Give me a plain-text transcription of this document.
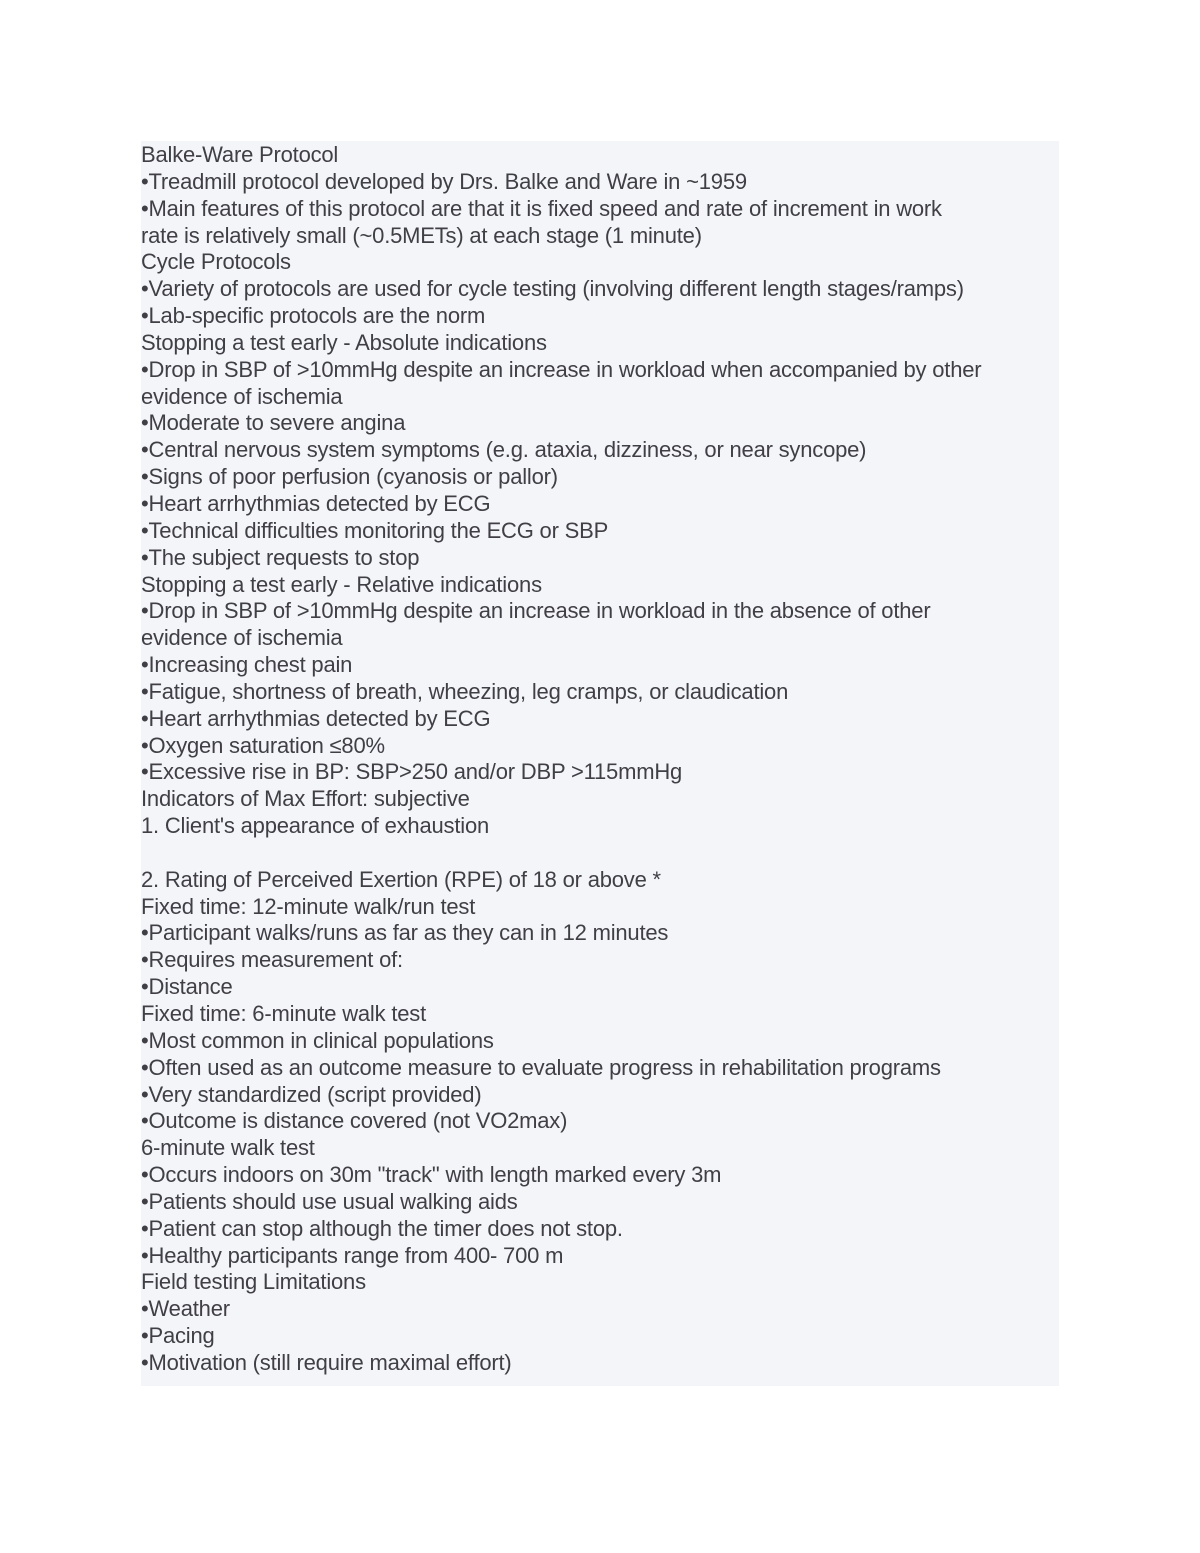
Balke-Ware Protocol
•Treadmill protocol developed by Drs. Balke and Ware in ~1959
•Main features of this protocol are that it is fixed speed and rate of increment in work
rate is relatively small (~0.5METs) at each stage (1 minute)
Cycle Protocols
•Variety of protocols are used for cycle testing (involving different length stages/ramps)
•Lab-specific protocols are the norm
Stopping a test early - Absolute indications
•Drop in SBP of >10mmHg despite an increase in workload when accompanied by other
evidence of ischemia
•Moderate to severe angina
•Central nervous system symptoms (e.g. ataxia, dizziness, or near syncope)
•Signs of poor perfusion (cyanosis or pallor)
•Heart arrhythmias detected by ECG
•Technical difficulties monitoring the ECG or SBP
•The subject requests to stop
Stopping a test early - Relative indications
•Drop in SBP of >10mmHg despite an increase in workload in the absence of other
evidence of ischemia
•Increasing chest pain
•Fatigue, shortness of breath, wheezing, leg cramps, or claudication
•Heart arrhythmias detected by ECG
•Oxygen saturation ≤80%
•Excessive rise in BP: SBP>250 and/or DBP >115mmHg
Indicators of Max Effort: subjective
1. Client's appearance of exhaustion
2. Rating of Perceived Exertion (RPE) of 18 or above *
Fixed time: 12-minute walk/run test
•Participant walks/runs as far as they can in 12 minutes
•Requires measurement of:
•Distance
Fixed time: 6-minute walk test
•Most common in clinical populations
•Often used as an outcome measure to evaluate progress in rehabilitation programs
•Very standardized (script provided)
•Outcome is distance covered (not VO2max)
6-minute walk test
•Occurs indoors on 30m "track" with length marked every 3m
•Patients should use usual walking aids
•Patient can stop although the timer does not stop.
•Healthy participants range from 400- 700 m
Field testing Limitations
•Weather
•Pacing
•Motivation (still require maximal effort)
